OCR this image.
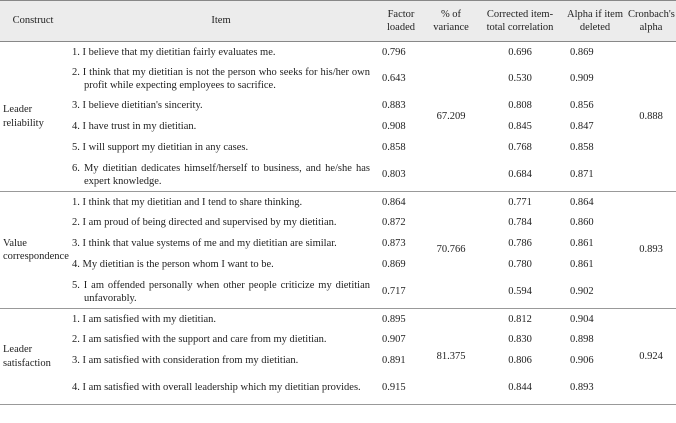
Construct	Item	Factor loaded	% of variance	Corrected item-total correlation	Alpha if item deleted	Cronbach's alpha
Leader reliability	1. I believe that my dietitian fairly evaluates me.	0.796	67.209	0.696	0.869	0.888
	2. I think that my dietitian is not the person who seeks for his/her own profit while expecting employees to sacrifice.	0.643		0.530	0.909	
	3. I believe dietitian's sincerity.	0.883		0.808	0.856	
	4. I have trust in my dietitian.	0.908		0.845	0.847	
	5. I will support my dietitian in any cases.	0.858		0.768	0.858	
	6. My dietitian dedicates himself/herself to business, and he/she has expert knowledge.	0.803		0.684	0.871	
Value correspondence	1. I think that my dietitian and I tend to share thinking.	0.864	70.766	0.771	0.864	0.893
	2. I am proud of being directed and supervised by my dietitian.	0.872		0.784	0.860	
	3. I think that value systems of me and my dietitian are similar.	0.873		0.786	0.861	
	4. My dietitian is the person whom I want to be.	0.869		0.780	0.861	
	5. I am offended personally when other people criticize my dietitian unfavorably.	0.717		0.594	0.902	
Leader satisfaction	1. I am satisfied with my dietitian.	0.895	81.375	0.812	0.904	0.924
	2. I am satisfied with the support and care from my dietitian.	0.907		0.830	0.898	
	3. I am satisfied with consideration from my dietitian.	0.891		0.806	0.906	
	4. I am satisfied with overall leadership which my dietitian provides.	0.915		0.844	0.893	
